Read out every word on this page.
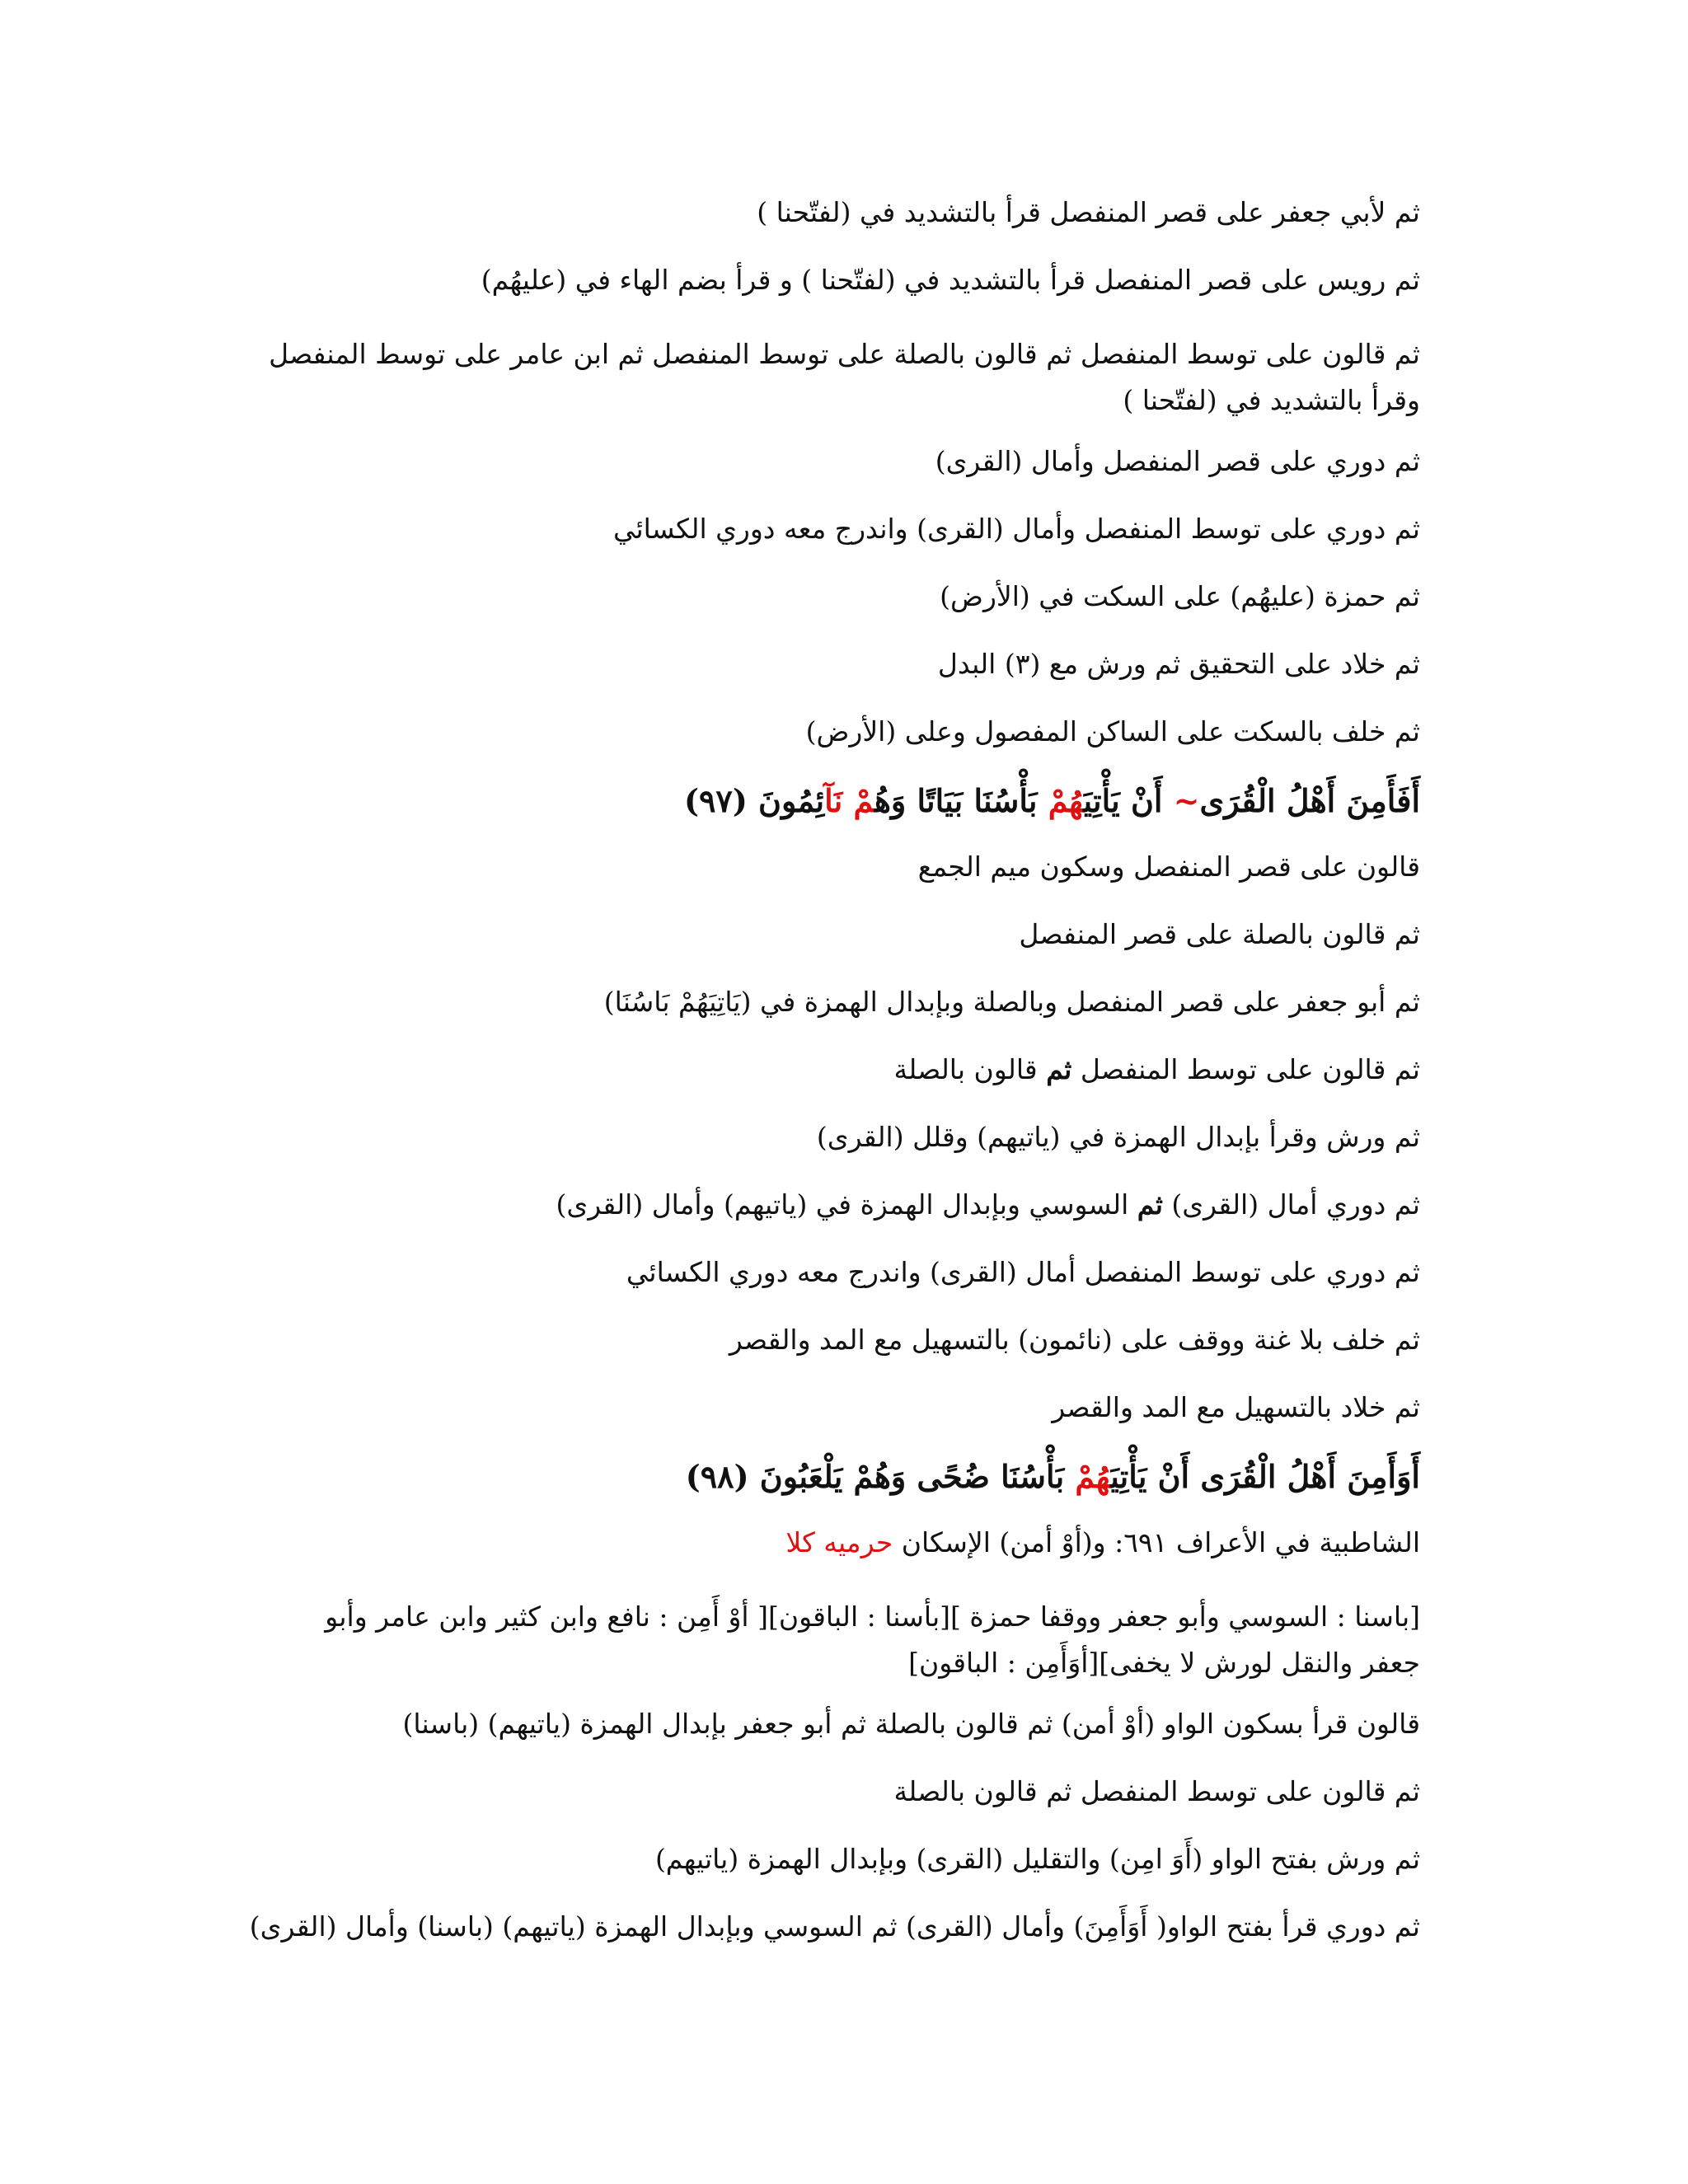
ثم لأبي جعفر على قصر المنفصل قرأ بالتشديد في (لفتّحنا )
ثم رويس على قصر المنفصل قرأ بالتشديد في (لفتّحنا ) و قرأ بضم الهاء في (عليهُم)
ثم قالون على توسط المنفصل ثم قالون بالصلة على توسط المنفصل ثم ابن عامر على توسط المنفصل وقرأ بالتشديد في (لفتّحنا )
ثم دوري على قصر المنفصل وأمال (القرى)
ثم دوري على توسط المنفصل وأمال (القرى) واندرج معه دوري الكسائي
ثم حمزة (عليهُم) على السكت في (الأرض)
ثم خلاد على التحقيق ثم ورش مع (٣) البدل
ثم خلف بالسكت على الساكن المفصول وعلى (الأرض)
أَفَأَمِنَ أَهْلُ الْقُرَى~ أَنْ يَأْتِيَهُمْ بَأْسُنَا بَيَاتًا وَهُمْ نَآئِمُونَ (٩٧)
قالون على قصر المنفصل وسكون ميم الجمع
ثم قالون بالصلة على قصر المنفصل
ثم أبو جعفر على قصر المنفصل وبالصلة وبإبدال الهمزة في (يَاتِيَهُمْ بَاسُنَا)
ثم قالون على توسط المنفصل ثم قالون بالصلة
ثم ورش وقرأ بإبدال الهمزة في (ياتيهم) وقلل (القرى)
ثم دوري أمال (القرى) ثم السوسي وبإبدال الهمزة في (ياتيهم) وأمال (القرى)
ثم دوري على توسط المنفصل أمال (القرى) واندرج معه دوري الكسائي
ثم خلف بلا غنة ووقف على (نائمون) بالتسهيل مع المد والقصر
ثم خلاد بالتسهيل مع المد والقصر
أَوَأَمِنَ أَهْلُ الْقُرَى أَنْ يَأْتِيَهُمْ بَأْسُنَا ضُحًى وَهُمْ يَلْعَبُونَ (٩٨)
الشاطبية في الأعراف ٦٩١: و(أوْ أمن) الإسكان حرميه كلا
[باسنا : السوسي وأبو جعفر ووقفا حمزة ][بأسنا : الباقون][ أوْ أَمِن : نافع وابن كثير وابن عامر وأبو جعفر والنقل لورش لا يخفى][أوَأَمِن : الباقون]
قالون قرأ بسكون الواو (أوْ أمن) ثم قالون بالصلة ثم أبو جعفر بإبدال الهمزة (ياتيهم) (باسنا)
ثم قالون على توسط المنفصل ثم قالون بالصلة
ثم ورش بفتح الواو (أَوَ امِن) والتقليل (القرى) وبإبدال الهمزة (ياتيهم)
ثم دوري قرأ بفتح الواو( أَوَأَمِنَ) وأمال (القرى) ثم السوسي وبإبدال الهمزة (ياتيهم) (باسنا) وأمال (القرى)
